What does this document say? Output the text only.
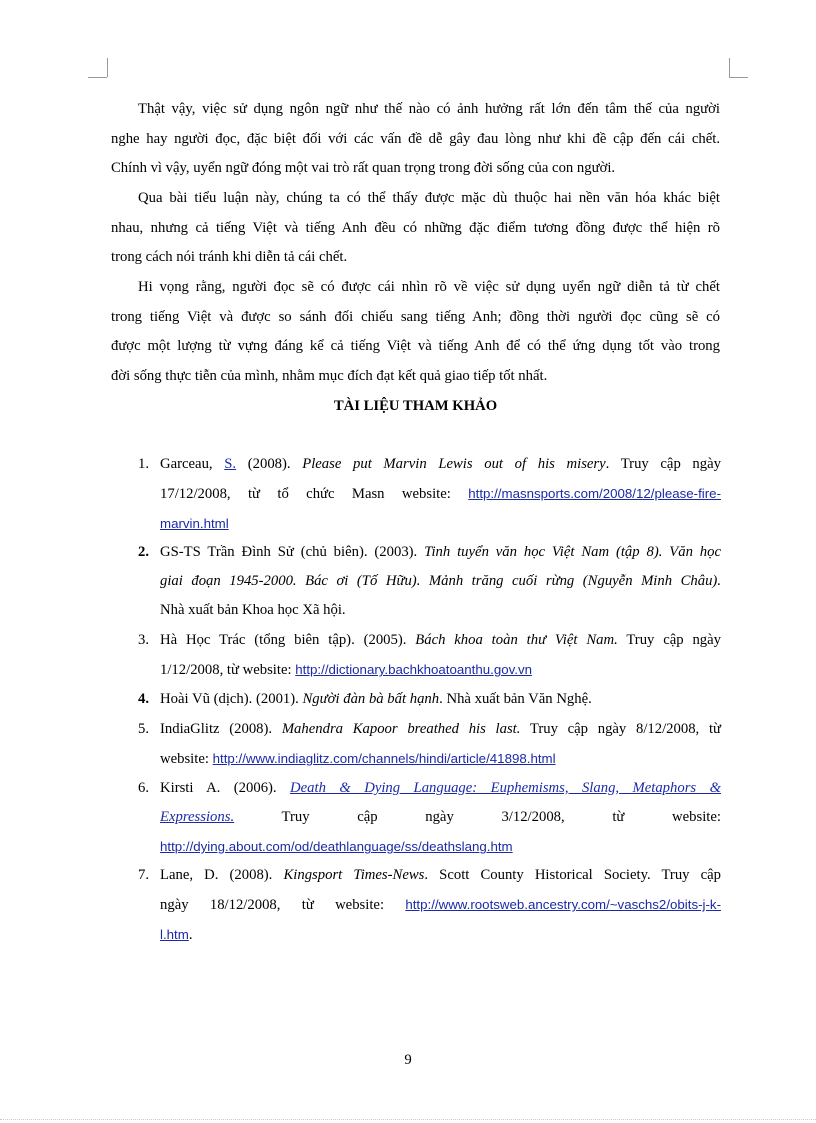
Thật vậy, việc sử dụng ngôn ngữ như thế nào có ảnh hưởng rất lớn đến tâm thế của người
nghe hay người đọc, đặc biệt đối với các vấn đề dễ gây đau lòng như khi đề cập đến cái chết.
Chính vì vậy, uyển ngữ đóng một vai trò rất quan trọng trong đời sống của con người.
Qua bài tiểu luận này, chúng ta có thể thấy được mặc dù thuộc hai nền văn hóa khác biệt
nhau, nhưng cả tiếng Việt và tiếng Anh đều có những đặc điểm tương đồng được thể hiện rõ
trong cách nói tránh khi diễn tả cái chết.
Hi vọng rằng, người đọc sẽ có được cái nhìn rõ về việc sử dụng uyển ngữ diễn tả từ chết
trong tiếng Việt và được so sánh đối chiếu sang tiếng Anh; đồng thời người đọc cũng sẽ có
được một lượng từ vựng đáng kể cả tiếng Việt và tiếng Anh để có thể ứng dụng tốt vào trong
đời sống thực tiễn của mình, nhằm mục đích đạt kết quả giao tiếp tốt nhất.
TÀI LIỆU THAM KHẢO
1. Garceau, S. (2008). Please put Marvin Lewis out of his misery. Truy cập ngày
17/12/2008, từ tổ chức Masn website: http://masnsports.com/2008/12/please-fire-
marvin.html
2. GS-TS Trần Đình Sử (chủ biên). (2003). Tinh tuyển văn học Việt Nam (tập 8). Văn học
giai đoạn 1945-2000. Bác ơi (Tố Hữu). Mảnh trăng cuối rừng (Nguyễn Minh Châu).
Nhà xuất bản Khoa học Xã hội.
3. Hà Học Trác (tổng biên tập). (2005). Bách khoa toàn thư Việt Nam. Truy cập ngày
1/12/2008, từ website: http://dictionary.bachkhoatoanthu.gov.vn
4. Hoài Vũ (dịch). (2001). Người đàn bà bất hạnh. Nhà xuất bản Văn Nghệ.
5. IndiaGlitz (2008). Mahendra Kapoor breathed his last. Truy cập ngày 8/12/2008, từ
website: http://www.indiaglitz.com/channels/hindi/article/41898.html
6. Kirsti A. (2006). Death & Dying Language: Euphemisms, Slang, Metaphors &
Expressions. Truy cập ngày 3/12/2008, từ website:
http://dying.about.com/od/deathlanguage/ss/deathslang.htm
7. Lane, D. (2008). Kingsport Times-News. Scott County Historical Society. Truy cập
ngày 18/12/2008, từ website: http://www.rootsweb.ancestry.com/~vaschs2/obits-j-k-
l.htm.
9
